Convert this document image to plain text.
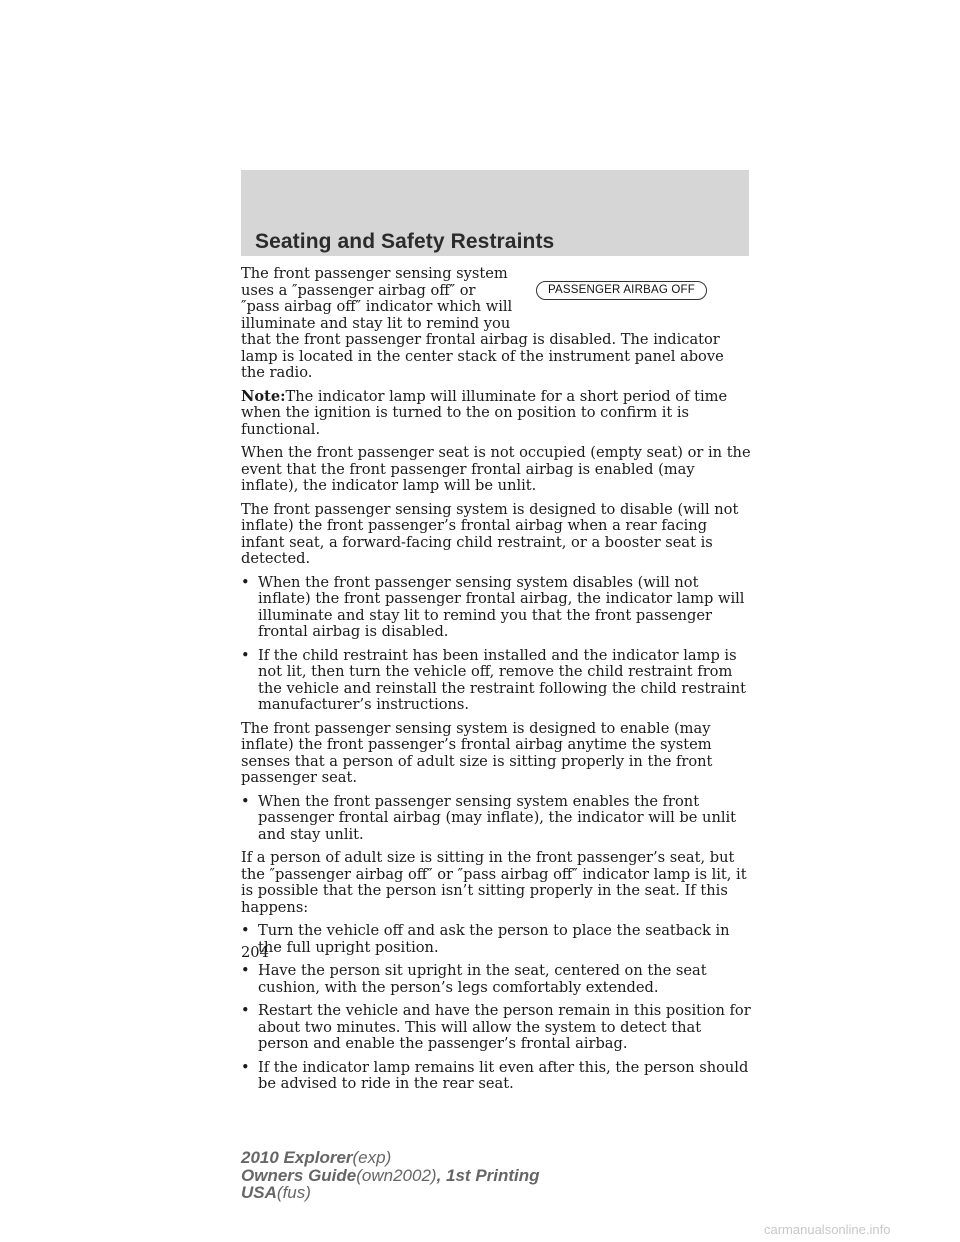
Seating and Safety Restraints
PASSENGER AIRBAG OFF

The front passenger sensing system
uses a ″passenger airbag off″ or
″pass airbag off″ indicator which will
illuminate and stay lit to remind you
that the front passenger frontal airbag is disabled. The indicator lamp is located in the center stack of the instrument panel above the radio.

Note:The indicator lamp will illuminate for a short period of time when the ignition is turned to the on position to confirm it is functional.

When the front passenger seat is not occupied (empty seat) or in the event that the front passenger frontal airbag is enabled (may inflate), the indicator lamp will be unlit.

The front passenger sensing system is designed to disable (will not inflate) the front passenger’s frontal airbag when a rear facing infant seat, a forward-facing child restraint, or a booster seat is detected.

• When the front passenger sensing system disables (will not inflate) the front passenger frontal airbag, the indicator lamp will illuminate and stay lit to remind you that the front passenger frontal airbag is disabled.
• If the child restraint has been installed and the indicator lamp is not lit, then turn the vehicle off, remove the child restraint from the vehicle and reinstall the restraint following the child restraint manufacturer’s instructions.

The front passenger sensing system is designed to enable (may inflate) the front passenger’s frontal airbag anytime the system senses that a person of adult size is sitting properly in the front passenger seat.

• When the front passenger sensing system enables the front passenger frontal airbag (may inflate), the indicator will be unlit and stay unlit.

If a person of adult size is sitting in the front passenger’s seat, but the ″passenger airbag off″ or ″pass airbag off″ indicator lamp is lit, it is possible that the person isn’t sitting properly in the seat. If this happens:

• Turn the vehicle off and ask the person to place the seatback in the full upright position.
• Have the person sit upright in the seat, centered on the seat cushion, with the person’s legs comfortably extended.
• Restart the vehicle and have the person remain in this position for about two minutes. This will allow the system to detect that person and enable the passenger’s frontal airbag.
• If the indicator lamp remains lit even after this, the person should be advised to ride in the rear seat.
204
2010 Explorer(exp)
Owners Guide(own2002), 1st Printing
USA(fus)
carmanualsonline.info
